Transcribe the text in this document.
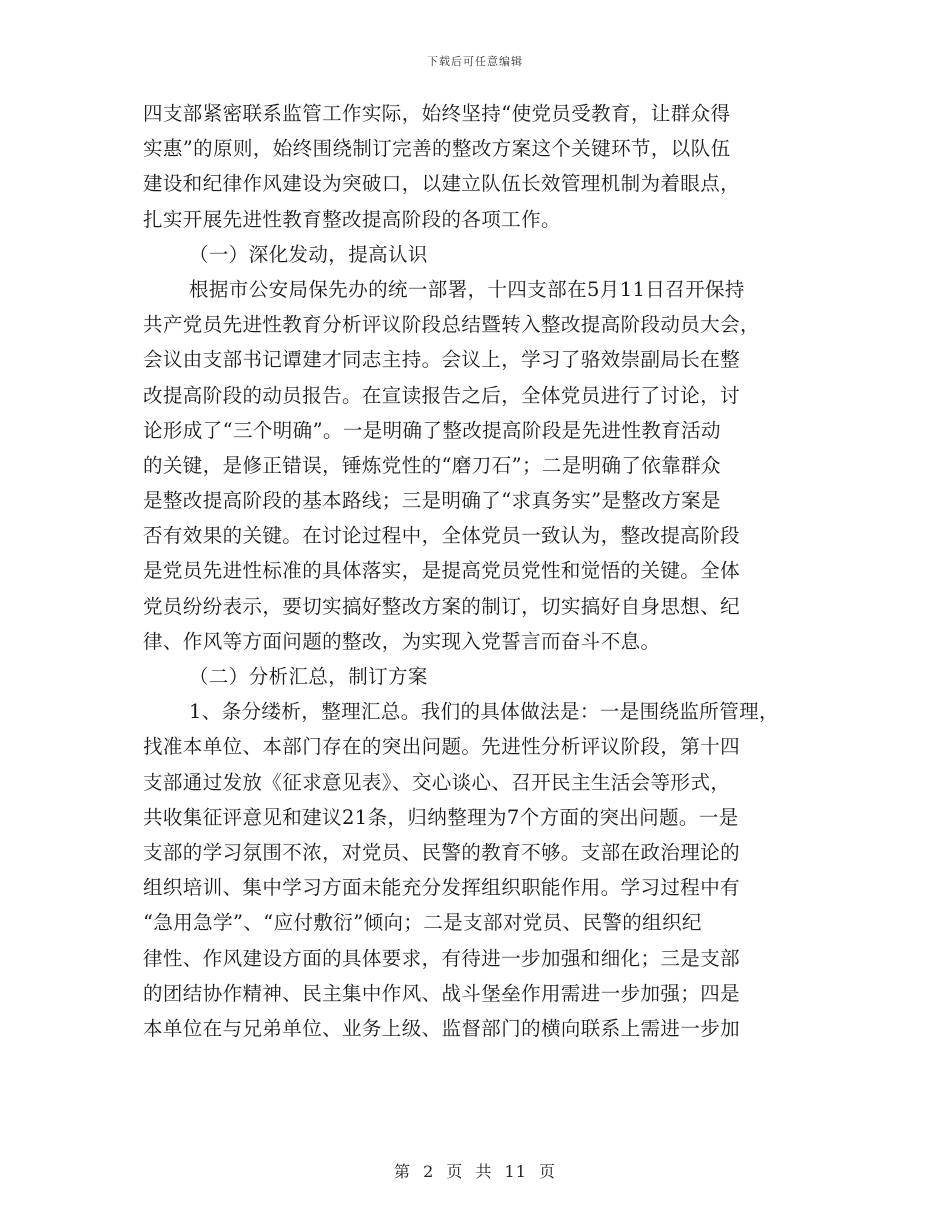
下载后可任意编辑
四支部紧密联系监管工作实际，始终坚持“使党员受教育，让群众得
实惠”的原则，始终围绕制订完善的整改方案这个关键环节，以队伍
建设和纪律作风建设为突破口，以建立队伍长效管理机制为着眼点，
扎实开展先进性教育整改提高阶段的各项工作。
（一）深化发动，提高认识
根据市公安局保先办的统一部署，十四支部在5月11日召开保持
共产党员先进性教育分析评议阶段总结暨转入整改提高阶段动员大会，
会议由支部书记谭建才同志主持。会议上，学习了骆效崇副局长在整
改提高阶段的动员报告。在宣读报告之后，全体党员进行了讨论，讨
论形成了“三个明确”。一是明确了整改提高阶段是先进性教育活动
的关键，是修正错误，锤炼党性的“磨刀石”；二是明确了依靠群众
是整改提高阶段的基本路线；三是明确了“求真务实”是整改方案是
否有效果的关键。在讨论过程中，全体党员一致认为，整改提高阶段
是党员先进性标准的具体落实，是提高党员党性和觉悟的关键。全体
党员纷纷表示，要切实搞好整改方案的制订，切实搞好自身思想、纪
律、作风等方面问题的整改，为实现入党誓言而奋斗不息。
（二）分析汇总，制订方案
1、条分缕析，整理汇总。我们的具体做法是：一是围绕监所管理，
找准本单位、本部门存在的突出问题。先进性分析评议阶段，第十四
支部通过发放《征求意见表》、交心谈心、召开民主生活会等形式，
共收集征评意见和建议21条，归纳整理为7个方面的突出问题。一是
支部的学习氛围不浓，对党员、民警的教育不够。支部在政治理论的
组织培训、集中学习方面未能充分发挥组织职能作用。学习过程中有
“急用急学”、“应付敷衍”倾向；二是支部对党员、民警的组织纪
律性、作风建设方面的具体要求，有待进一步加强和细化；三是支部
的团结协作精神、民主集中作风、战斗堡垒作用需进一步加强；四是
本单位在与兄弟单位、业务上级、监督部门的横向联系上需进一步加
第 2 页 共 11 页
